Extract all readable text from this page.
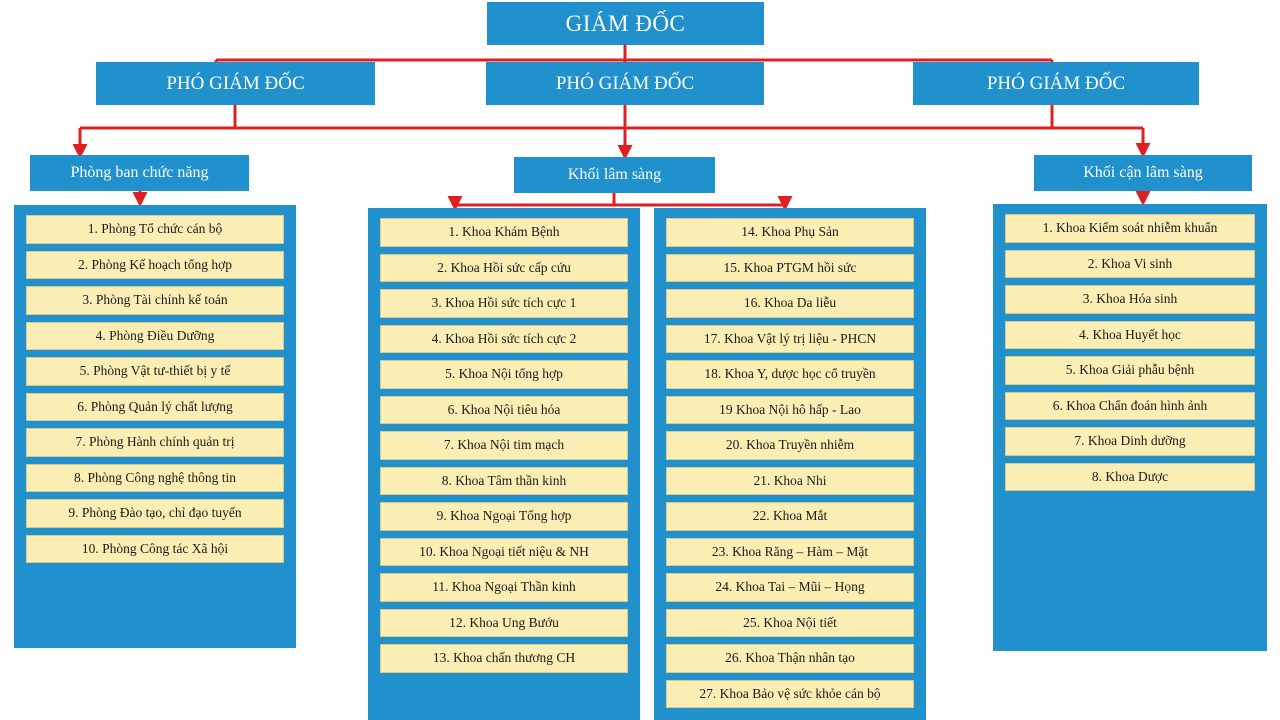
GIÁM ĐỐC
PHÓ GIÁM ĐỐC	PHÓ GIÁM ĐỐC	PHÓ GIÁM ĐỐC
Phòng ban chức năng	Khối lâm sàng	Khối cận lâm sàng
1. Phòng Tổ chức cán bộ
2. Phòng Kế hoạch tổng hợp
3. Phòng Tài chính kế toán
4. Phòng Điều Dưỡng
5. Phòng Vật tư-thiết bị y tế
6. Phòng Quản lý chất lượng
7. Phòng Hành chính quản trị
8. Phòng Công nghệ thông tin
9. Phòng Đào tạo, chỉ đạo tuyến
10. Phòng Công tác Xã hội
1. Khoa Khám Bệnh
2. Khoa Hồi sức cấp cứu
3. Khoa Hồi sức tích cực 1
4. Khoa Hồi sức tích cực 2
5. Khoa Nội tổng hợp
6. Khoa Nội tiêu hóa
7. Khoa Nội tim mạch
8. Khoa Tâm thần kinh
9. Khoa Ngoại Tổng hợp
10. Khoa Ngoại tiết niệu & NH
11. Khoa Ngoại Thần kinh
12. Khoa Ung Bướu
13. Khoa chấn thương CH
14. Khoa Phụ Sản
15. Khoa PTGM hồi sức
16. Khoa Da liễu
17. Khoa Vật lý trị liệu - PHCN
18. Khoa Y, dược học cổ truyền
19 Khoa Nội hô hấp - Lao
20. Khoa Truyền nhiễm
21. Khoa Nhi
22. Khoa Mắt
23. Khoa Răng – Hàm – Mặt
24. Khoa Tai – Mũi – Họng
25. Khoa Nội tiết
26. Khoa Thận nhân tạo
27. Khoa Bảo vệ sức khỏe cán bộ
1. Khoa Kiểm soát nhiễm khuẩn
2. Khoa Vi sinh
3. Khoa Hóa sinh
4. Khoa Huyết học
5. Khoa Giải phẫu bệnh
6. Khoa Chẩn đoán hình ảnh
7. Khoa Dinh dưỡng
8. Khoa Dược
